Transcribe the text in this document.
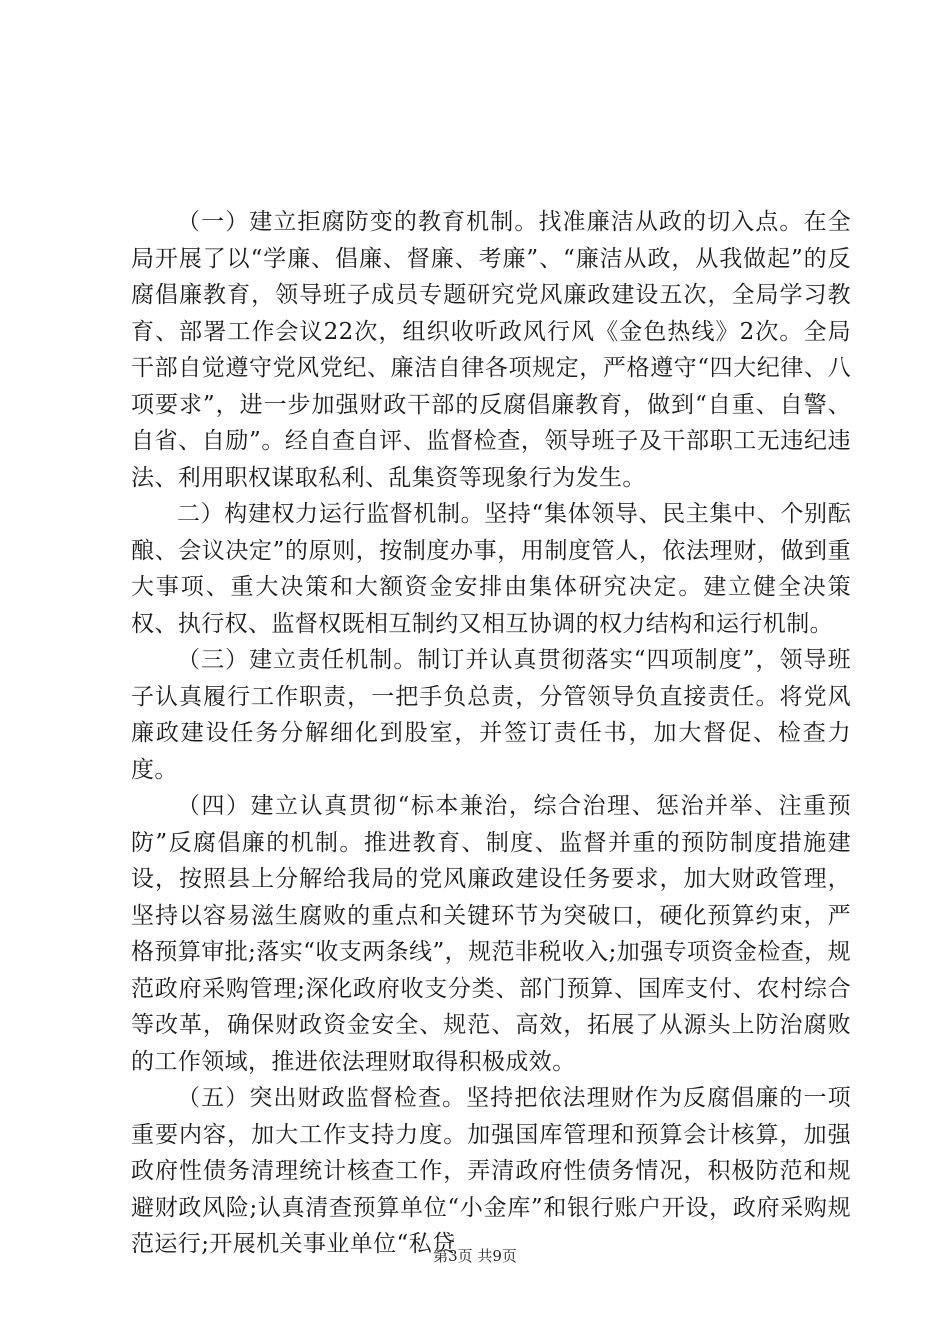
（一）建立拒腐防变的教育机制。找准廉洁从政的切入点。在全局开展了以“学廉、倡廉、督廉、考廉”、“廉洁从政，从我做起”的反腐倡廉教育，领导班子成员专题研究党风廉政建设五次，全局学习教育、部署工作会议22次，组织收听政风行风《金色热线》2次。全局干部自觉遵守党风党纪、廉洁自律各项规定，严格遵守“四大纪律、八项要求”，进一步加强财政干部的反腐倡廉教育，做到“自重、自警、自省、自励”。经自查自评、监督检查，领导班子及干部职工无违纪违法、利用职权谋取私利、乱集资等现象行为发生。

二）构建权力运行监督机制。坚持“集体领导、民主集中、个别酝酿、会议决定”的原则，按制度办事，用制度管人，依法理财，做到重大事项、重大决策和大额资金安排由集体研究决定。建立健全决策权、执行权、监督权既相互制约又相互协调的权力结构和运行机制。

（三）建立责任机制。制订并认真贯彻落实“四项制度”，领导班子认真履行工作职责，一把手负总责，分管领导负直接责任。将党风廉政建设任务分解细化到股室，并签订责任书，加大督促、检查力度。

（四）建立认真贯彻“标本兼治，综合治理、惩治并举、注重预防”反腐倡廉的机制。推进教育、制度、监督并重的预防制度措施建设，按照县上分解给我局的党风廉政建设任务要求，加大财政管理，坚持以容易滋生腐败的重点和关键环节为突破口，硬化预算约束，严格预算审批;落实“收支两条线”，规范非税收入;加强专项资金检查，规范政府采购管理;深化政府收支分类、部门预算、国库支付、农村综合等改革，确保财政资金安全、规范、高效，拓展了从源头上防治腐败的工作领域，推进依法理财取得积极成效。

（五）突出财政监督检查。坚持把依法理财作为反腐倡廉的一项重要内容，加大工作支持力度。加强国库管理和预算会计核算，加强政府性债务清理统计核查工作，弄清政府性债务情况，积极防范和规避财政风险;认真清查预算单位“小金库”和银行账户开设，政府采购规范运行;开展机关事业单位“私贷

第3页 共9页
